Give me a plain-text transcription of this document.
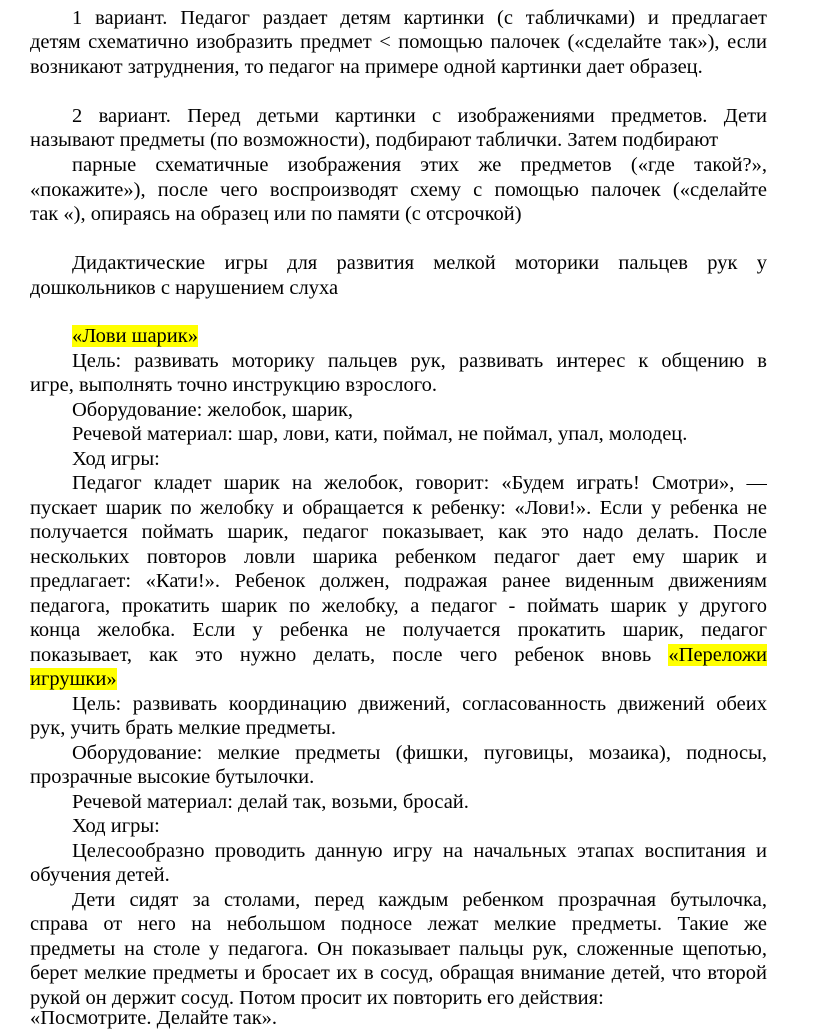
1 вариант. Педагог раздает детям картинки (с табличками) и предлагает
детям схематично изобразить предмет < помощью палочек («сделайте так»), если
возникают затруднения, то педагог на примере одной картинки дает образец.
2 вариант. Перед детьми картинки с изображениями предметов. Дети
называют предметы (по возможности), подбирают таблички. Затем подбирают
парные схематичные изображения этих же предметов («где такой?»,
«покажите»), после чего воспроизводят схему с помощью палочек («сделайте
так «), опираясь на образец или по памяти (с отсрочкой)
Дидактические игры для развития мелкой моторики пальцев рук у
дошкольников с нарушением слуха
«Лови шарик»
Цель: развивать моторику пальцев рук, развивать интерес к общению в
игре, выполнять точно инструкцию взрослого.
Оборудование: желобок, шарик,
Речевой материал: шар, лови, кати, поймал, не поймал, упал, молодец.
Ход игры:
Педагог кладет шарик на желобок, говорит: «Будем играть! Смотри», —
пускает шарик по желобку и обращается к ребенку: «Лови!». Если у ребенка не
получается поймать шарик, педагог показывает, как это надо делать. После
нескольких повторов ловли шарика ребенком педагог дает ему шарик и
предлагает: «Кати!». Ребенок должен, подражая ранее виденным движениям
педагога, прокатить шарик по желобку, а педагог - поймать шарик у другого
конца желобка. Если у ребенка не получается прокатить шарик, педагог
показывает, как это нужно делать, после чего ребенок вновь «Переложи
игрушки»
Цель: развивать координацию движений, согласованность движений обеих
рук, учить брать мелкие предметы.
Оборудование: мелкие предметы (фишки, пуговицы, мозаика), подносы,
прозрачные высокие бутылочки.
Речевой материал: делай так, возьми, бросай.
Ход игры:
Целесообразно проводить данную игру на начальных этапах воспитания и
обучения детей.
Дети сидят за столами, перед каждым ребенком прозрачная бутылочка,
справа от него на небольшом подносе лежат мелкие предметы. Такие же
предметы на столе у педагога. Он показывает пальцы рук, сложенные щепотью,
берет мелкие предметы и бросает их в сосуд, обращая внимание детей, что второй
рукой он держит сосуд. Потом просит их повторить его действия:
«Посмотрите. Делайте так».
